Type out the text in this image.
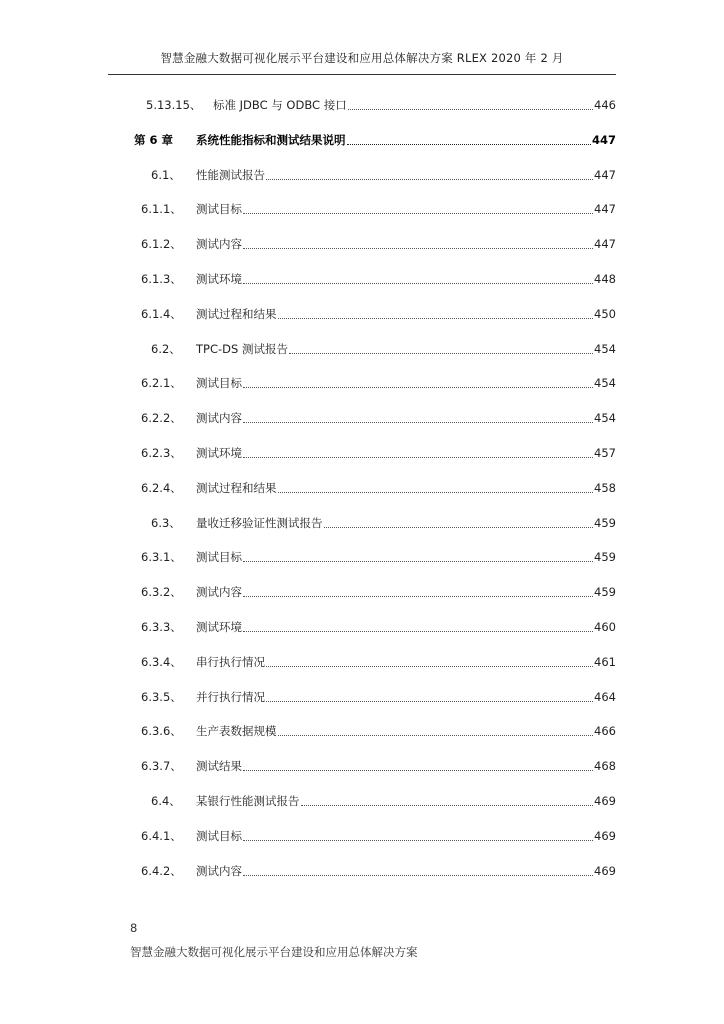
智慧金融大数据可视化展示平台建设和应用总体解决方案 RLEX 2020 年 2 月
5.13.15、 标准 JDBC 与 ODBC 接口	446
第 6 章 系统性能指标和测试结果说明	447
6.1、 性能测试报告	447
6.1.1、 测试目标	447
6.1.2、 测试内容	447
6.1.3、 测试环境	448
6.1.4、 测试过程和结果	450
6.2、 TPC-DS 测试报告	454
6.2.1、 测试目标	454
6.2.2、 测试内容	454
6.2.3、 测试环境	457
6.2.4、 测试过程和结果	458
6.3、 量收迁移验证性测试报告	459
6.3.1、 测试目标	459
6.3.2、 测试内容	459
6.3.3、 测试环境	460
6.3.4、 串行执行情况	461
6.3.5、 并行执行情况	464
6.3.6、 生产表数据规模	466
6.3.7、 测试结果	468
6.4、 某银行性能测试报告	469
6.4.1、 测试目标	469
6.4.2、 测试内容	469
8
智慧金融大数据可视化展示平台建设和应用总体解决方案
